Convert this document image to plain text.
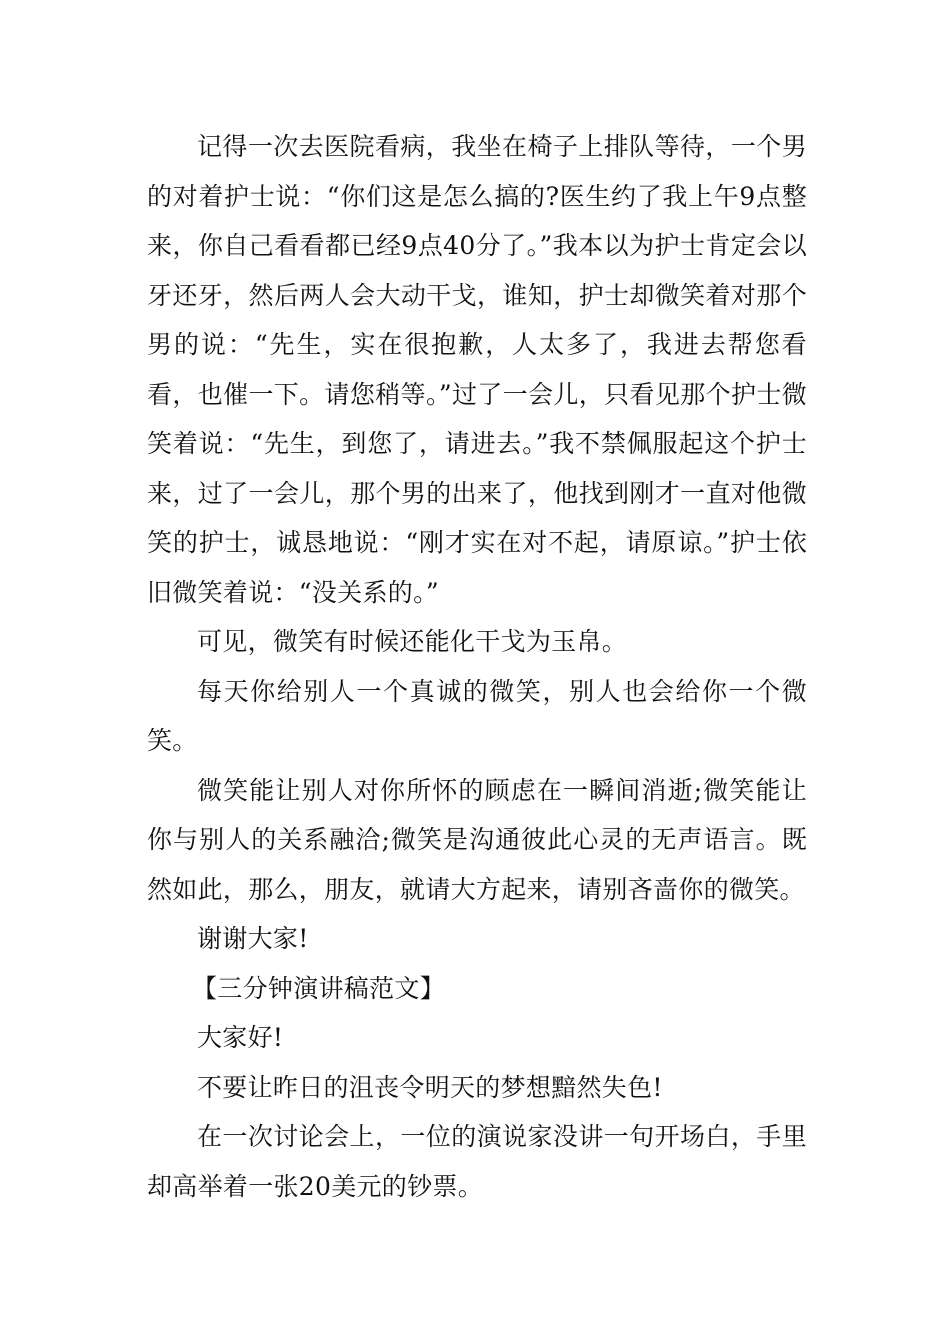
记得一次去医院看病，我坐在椅子上排队等待，一个男的对着护士说：“你们这是怎么搞的?医生约了我上午9点整来，你自己看看都已经9点40分了。”我本以为护士肯定会以牙还牙，然后两人会大动干戈，谁知，护士却微笑着对那个男的说：“先生，实在很抱歉，人太多了，我进去帮您看看，也催一下。请您稍等。”过了一会儿，只看见那个护士微笑着说：“先生，到您了，请进去。”我不禁佩服起这个护士来，过了一会儿，那个男的出来了，他找到刚才一直对他微笑的护士，诚恳地说：“刚才实在对不起，请原谅。”护士依旧微笑着说：“没关系的。”

可见，微笑有时候还能化干戈为玉帛。

每天你给别人一个真诚的微笑，别人也会给你一个微笑。

微笑能让别人对你所怀的顾虑在一瞬间消逝;微笑能让你与别人的关系融洽;微笑是沟通彼此心灵的无声语言。既然如此，那么，朋友，就请大方起来，请别吝啬你的微笑。

谢谢大家!

【三分钟演讲稿范文】

大家好!

不要让昨日的沮丧令明天的梦想黯然失色!

在一次讨论会上，一位的演说家没讲一句开场白，手里却高举着一张20美元的钞票。
